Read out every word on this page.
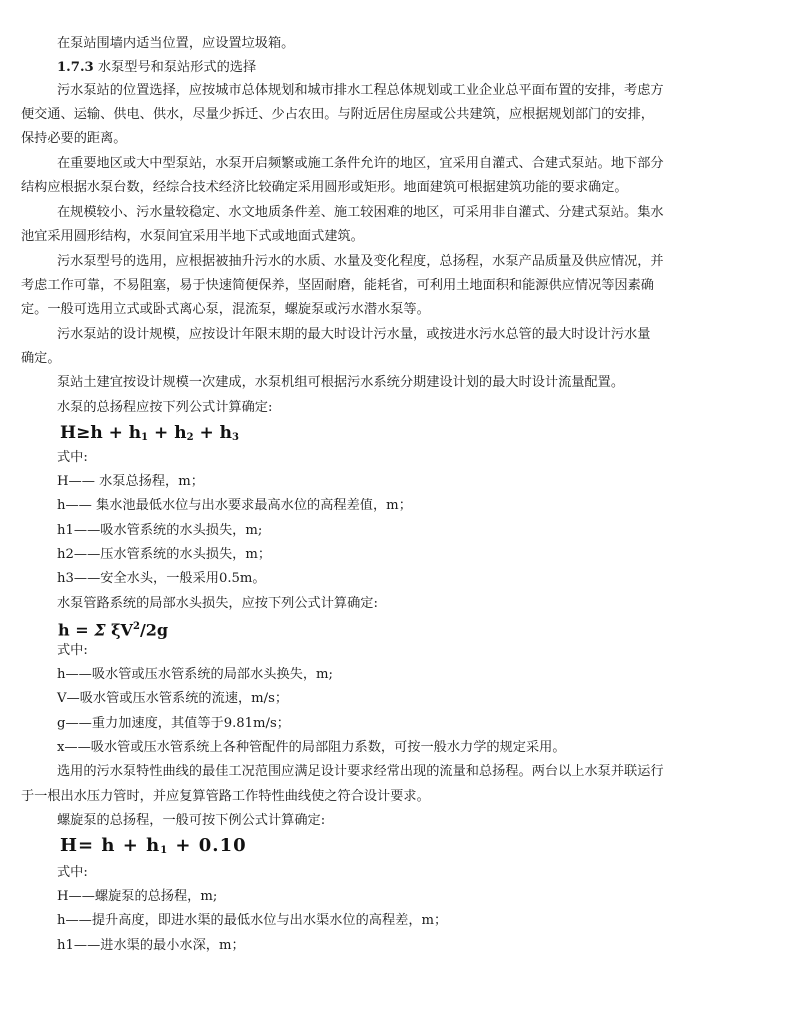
在泵站围墙内适当位置，应设置垃圾箱。
1.7.3 水泵型号和泵站形式的选择
污水泵站的位置选择，应按城市总体规划和城市排水工程总体规划或工业企业总平面布置的安排，考虑方
便交通、运输、供电、供水，尽量少拆迁、少占农田。与附近居住房屋或公共建筑，应根据规划部门的安排，
保持必要的距离。
在重要地区或大中型泵站，水泵开启频繁或施工条件允许的地区，宜采用自灌式、合建式泵站。地下部分
结构应根据水泵台数，经综合技术经济比较确定采用圆形或矩形。地面建筑可根据建筑功能的要求确定。
在规模较小、污水量较稳定、水文地质条件差、施工较困难的地区，可采用非自灌式、分建式泵站。集水
池宜采用圆形结构，水泵间宜采用半地下式或地面式建筑。
污水泵型号的选用，应根据被抽升污水的水质、水量及变化程度，总扬程，水泵产品质量及供应情况，并
考虑工作可靠，不易阻塞，易于快速简便保养，坚固耐磨，能耗省，可利用土地面积和能源供应情况等因素确
定。一般可选用立式或卧式离心泵，混流泵，螺旋泵或污水潜水泵等。
污水泵站的设计规模，应按设计年限末期的最大时设计污水量，或按进水污水总管的最大时设计污水量
确定。
泵站土建宜按设计规模一次建成，水泵机组可根据污水系统分期建设计划的最大时设计流量配置。
水泵的总扬程应按下列公式计算确定:
$H\ge h + h_1 + h_2 + h_3$
式中:
H—— 水泵总扬程，m；
h—— 集水池最低水位与出水要求最高水位的高程差值，m；
h1——吸水管系统的水头损失，m;
h2——压水管系统的水头损失，m；
h3——安全水头，一般采用0.5m。
水泵管路系统的局部水头损失，应按下列公式计算确定:
h = Σ $\xi V^2/2g$
式中:
h——吸水管或压水管系统的局部水头换失，m;
V—吸水管或压水管系统的流速，m/s；
g——重力加速度，其值等于9.81m/s；
x——吸水管或压水管系统上各种管配件的局部阻力系数，可按一般水力学的规定采用。
选用的污水泵特性曲线的最佳工况范围应满足设计要求经常出现的流量和总扬程。两台以上水泵并联运行
于一根出水压力管时，并应复算管路工作特性曲线使之符合设计要求。
螺旋泵的总扬程，一般可按下例公式计算确定:
$H= h + h_1 + 0.10$
式中:
H——螺旋泵的总扬程，m;
h——提升高度，即进水渠的最低水位与出水渠水位的高程差，m；
h1——进水渠的最小水深，m；
